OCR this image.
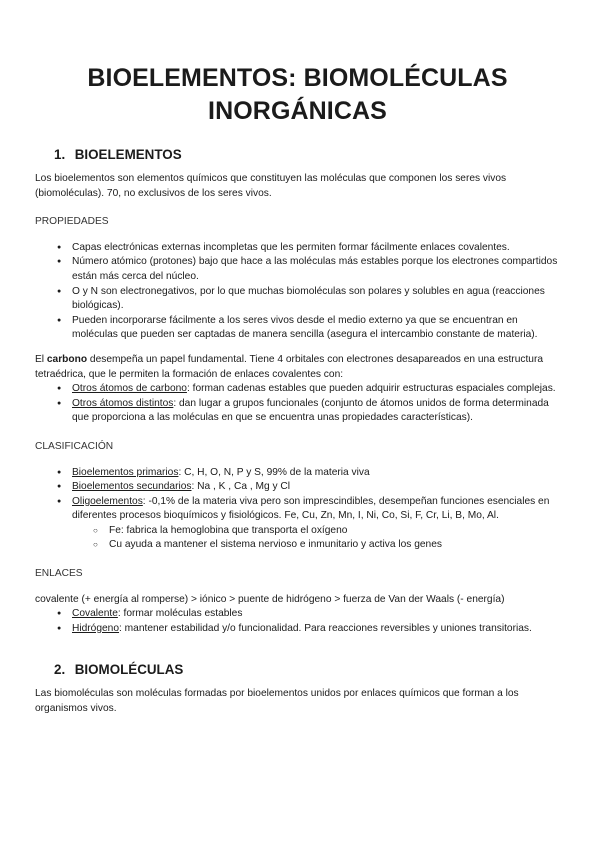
BIOELEMENTOS: BIOMOLÉCULAS
INORGÁNICAS
1. BIOELEMENTOS

Los bioelementos son elementos químicos que constituyen las moléculas que componen los seres vivos (biomoléculas). 70, no exclusivos de los seres vivos.

PROPIEDADES

● Capas electrónicas externas incompletas que les permiten formar fácilmente enlaces covalentes.
● Número atómico (protones) bajo que hace a las moléculas más estables porque los electrones compartidos están más cerca del núcleo.
● O y N son electronegativos, por lo que muchas biomoléculas son polares y solubles en agua (reacciones biológicas).
● Pueden incorporarse fácilmente a los seres vivos desde el medio externo ya que se encuentran en moléculas que pueden ser captadas de manera sencilla (asegura el intercambio constante de materia).

El carbono desempeña un papel fundamental. Tiene 4 orbitales con electrones desapareados en una estructura tetraédrica, que le permiten la formación de enlaces covalentes con:

● Otros átomos de carbono: forman cadenas estables que pueden adquirir estructuras espaciales complejas.
● Otros átomos distintos: dan lugar a grupos funcionales (conjunto de átomos unidos de forma determinada que proporciona a las moléculas en que se encuentra unas propiedades características).

CLASIFICACIÓN

● Bioelementos primarios: C, H, O, N, P y S, 99% de la materia viva
● Bioelementos secundarios: Na , K , Ca , Mg y Cl
● Oligoelementos: -0,1% de la materia viva pero son imprescindibles, desempeñan funciones esenciales en diferentes procesos bioquímicos y fisiológicos. Fe, Cu, Zn, Mn, I, Ni, Co, Si, F, Cr, Li, B, Mo, Al.
○ Fe: fabrica la hemoglobina que transporta el oxígeno
○ Cu ayuda a mantener el sistema nervioso e inmunitario y activa los genes

ENLACES

covalente (+ energía al romperse) > iónico > puente de hidrógeno > fuerza de Van der Waals (- energía)

● Covalente: formar moléculas estables
● Hidrógeno: mantener estabilidad y/o funcionalidad. Para reacciones reversibles y uniones transitorias.
2. BIOMOLÉCULAS

Las biomoléculas son moléculas formadas por bioelementos unidos por enlaces químicos que forman a los organismos vivos.
